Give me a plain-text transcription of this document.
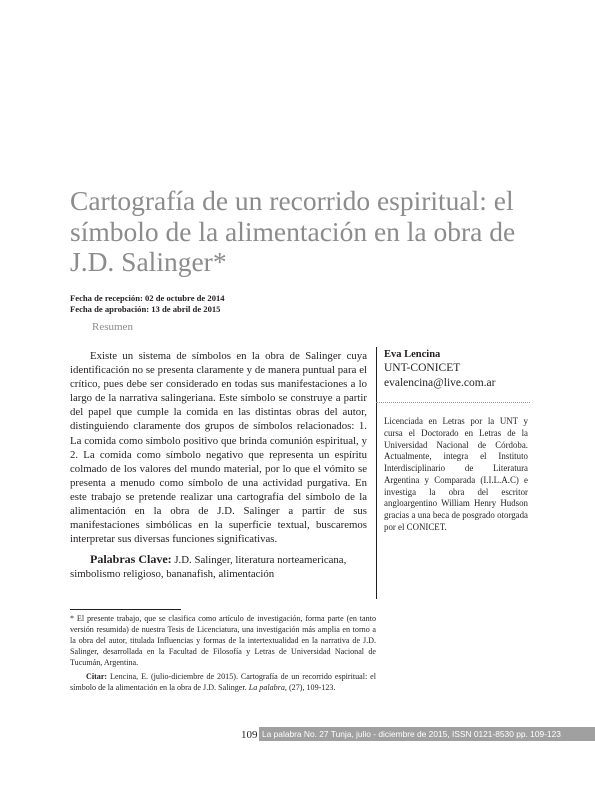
Cartografía de un recorrido espiritual: el símbolo de la alimentación en la obra de J.D. Salinger*
Fecha de recepción: 02 de octubre de 2014
Fecha de aprobación: 13 de abril de 2015
Resumen

Existe un sistema de símbolos en la obra de Salinger cuya identificación no se presenta claramente y de manera puntual para el crítico, pues debe ser considerado en todas sus manifestaciones a lo largo de la narrativa salingeriana. Este símbolo se construye a partir del papel que cumple la comida en las distintas obras del autor, distinguiendo claramente dos grupos de símbolos relacionados: 1. La comida como símbolo positivo que brinda comunión espiritual, y 2. La comida como símbolo negativo que representa un espíritu colmado de los valores del mundo material, por lo que el vómito se presenta a menudo como símbolo de una actividad purgativa. En este trabajo se pretende realizar una cartografía del símbolo de la alimentación en la obra de J.D. Salinger a partir de sus manifestaciones simbólicas en la superficie textual, buscaremos interpretar sus diversas funciones significativas.

Palabras Clave: J.D. Salinger, literatura norteamericana, simbolismo religioso, bananafish, alimentación

Eva Lencina
UNT-CONICET
evalencina@live.com.ar
Licenciada en Letras por la UNT y cursa el Doctorado en Letras de la Universidad Nacional de Córdoba. Actualmente, integra el Instituto Interdisciplinario de Literatura Argentina y Comparada (I.I.L.A.C) e investiga la obra del escritor angloargentino William Henry Hudson gracias a una beca de posgrado otorgada por el CONICET.

* El presente trabajo, que se clasifica como artículo de investigación, forma parte (en tanto versión resumida) de nuestra Tesis de Licenciatura, una investigación más amplia en torno a la obra del autor, titulada Influencias y formas de la intertextualidad en la narrativa de J.D. Salinger, desarrollada en la Facultad de Filosofía y Letras de Universidad Nacional de Tucumán, Argentina.

Citar: Lencina, E. (julio-diciembre de 2015). Cartografía de un recorrido espiritual: el símbolo de la alimentación en la obra de J.D. Salinger. La palabra, (27), 109-123.

109 La palabra No. 27 Tunja, julio - diciembre de 2015, ISSN 0121-8530 pp. 109-123
